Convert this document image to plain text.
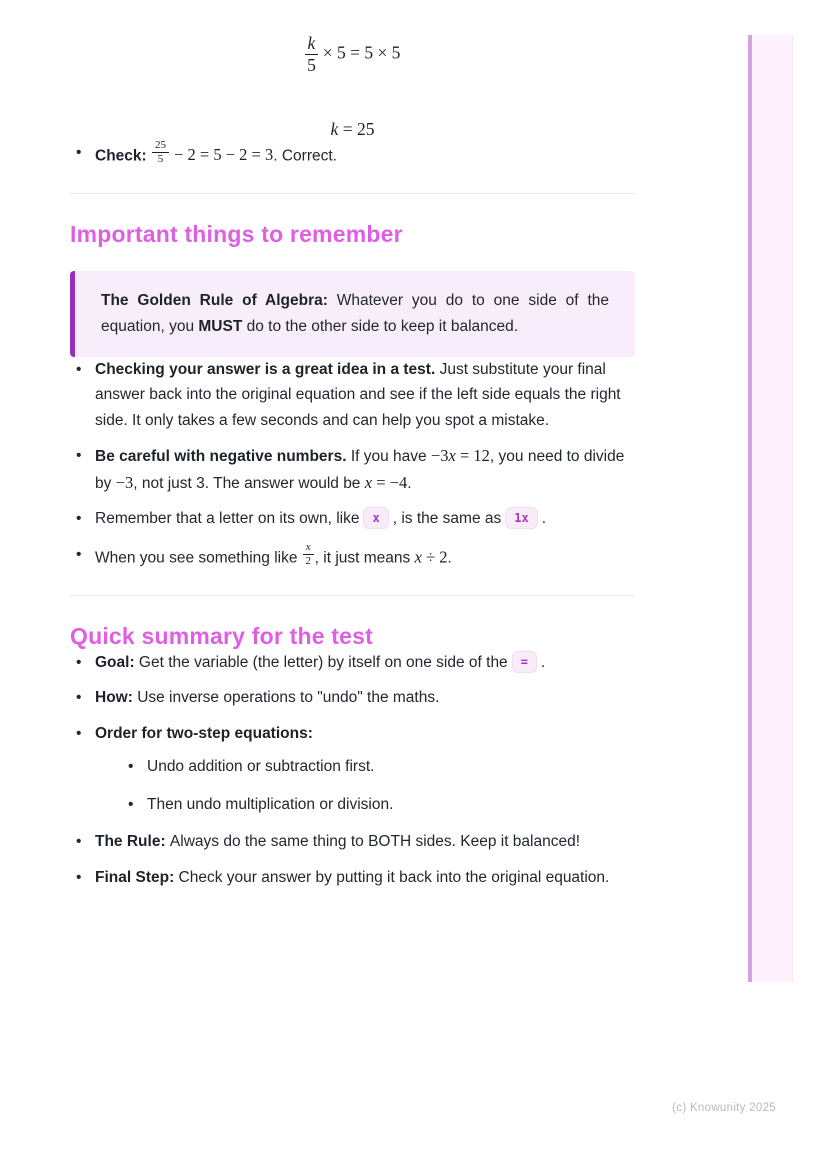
$\frac{k}{5} \times 5 = 5 \times 5$
k = 25
• Check: $\frac{25}{5} - 2 = 5 - 2 = 3$. Correct.
Important things to remember
The Golden Rule of Algebra: Whatever you do to one side of the equation, you MUST do to the other side to keep it balanced.
• Checking your answer is a great idea in a test. Just substitute your final answer back into the original equation and see if the left side equals the right side. It only takes a few seconds and can help you spot a mistake.
• Be careful with negative numbers. If you have −3x = 12, you need to divide by −3, not just 3. The answer would be x = −4.
• Remember that a letter on its own, like x , is the same as 1x .
• When you see something like $\frac{x}{2}$ , it just means x ÷ 2.
Quick summary for the test
• Goal: Get the variable (the letter) by itself on one side of the = .
• How: Use inverse operations to "undo" the maths.
• Order for two-step equations:
• Undo addition or subtraction first.
• Then undo multiplication or division.
• The Rule: Always do the same thing to BOTH sides. Keep it balanced!
• Final Step: Check your answer by putting it back into the original equation.
(c) Knowunity 2025
